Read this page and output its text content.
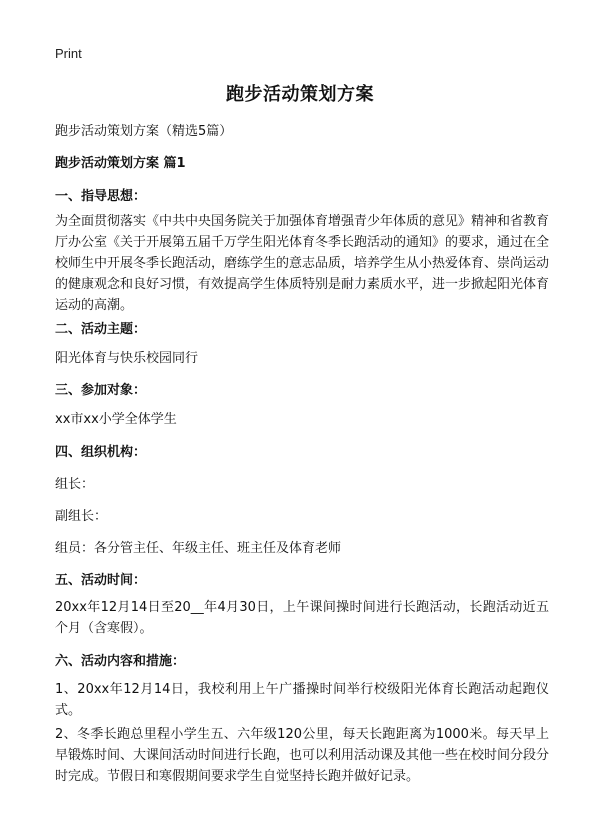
Print
跑步活动策划方案
跑步活动策划方案（精选5篇）
跑步活动策划方案 篇1
一、指导思想：
为全面贯彻落实《中共中央国务院关于加强体育增强青少年体质的意见》精神和省教育厅办公室《关于开展第五届千万学生阳光体育冬季长跑活动的通知》的要求，通过在全校师生中开展冬季长跑活动，磨练学生的意志品质，培养学生从小热爱体育、崇尚运动的健康观念和良好习惯，有效提高学生体质特别是耐力素质水平，进一步掀起阳光体育运动的高潮。
二、活动主题：
阳光体育与快乐校园同行
三、参加对象：
xx市xx小学全体学生
四、组织机构：
组长：
副组长：
组员：各分管主任、年级主任、班主任及体育老师
五、活动时间：
20xx年12月14日至20__年4月30日，上午课间操时间进行长跑活动，长跑活动近五个月（含寒假）。
六、活动内容和措施：
1、20xx年12月14日，我校利用上午广播操时间举行校级阳光体育长跑活动起跑仪式。
2、冬季长跑总里程小学生五、六年级120公里，每天长跑距离为1000米。每天早上早锻炼时间、大课间活动时间进行长跑，也可以利用活动课及其他一些在校时间分段分时完成。节假日和寒假期间要求学生自觉坚持长跑并做好记录。
